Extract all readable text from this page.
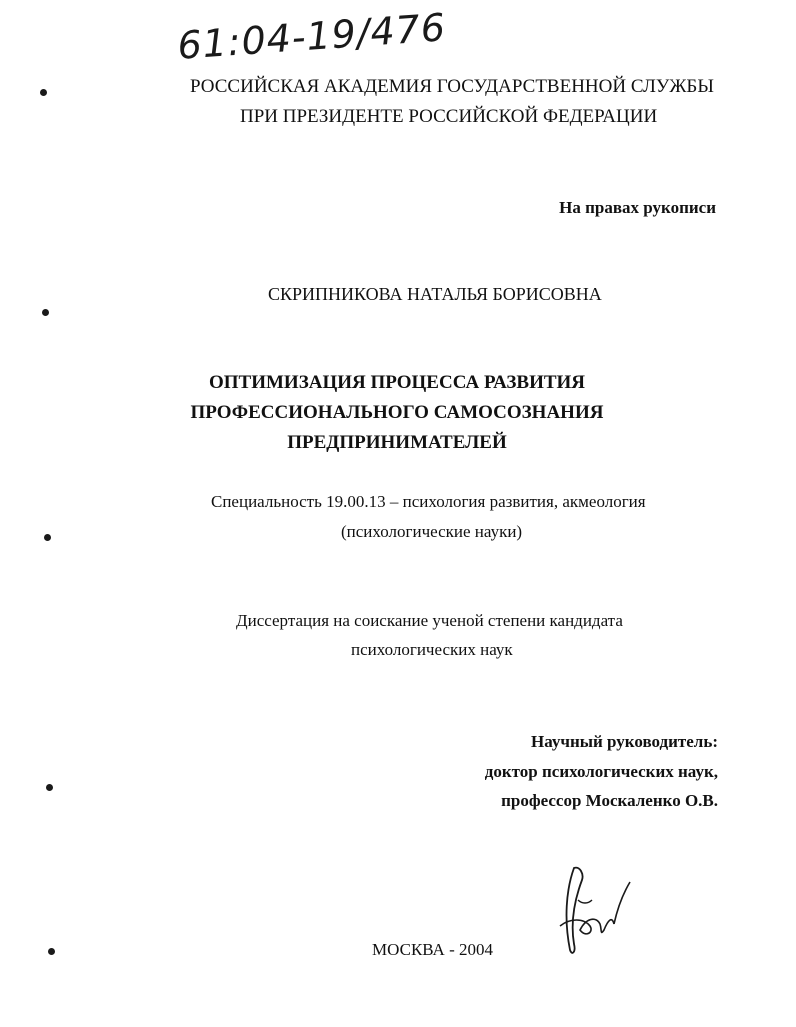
61:04-19/476
РОССИЙСКАЯ АКАДЕМИЯ ГОСУДАРСТВЕННОЙ СЛУЖБЫ
ПРИ ПРЕЗИДЕНТЕ РОССИЙСКОЙ ФЕДЕРАЦИИ
На правах рукописи
СКРИПНИКОВА НАТАЛЬЯ БОРИСОВНА
ОПТИМИЗАЦИЯ ПРОЦЕССА РАЗВИТИЯ
ПРОФЕССИОНАЛЬНОГО САМОСОЗНАНИЯ
ПРЕДПРИНИМАТЕЛЕЙ
Специальность 19.00.13 – психология развития, акмеология
(психологические науки)
Диссертация на соискание ученой степени кандидата
психологических наук
Научный руководитель:
доктор психологических наук,
профессор Москаленко О.В.
МОСКВА - 2004
